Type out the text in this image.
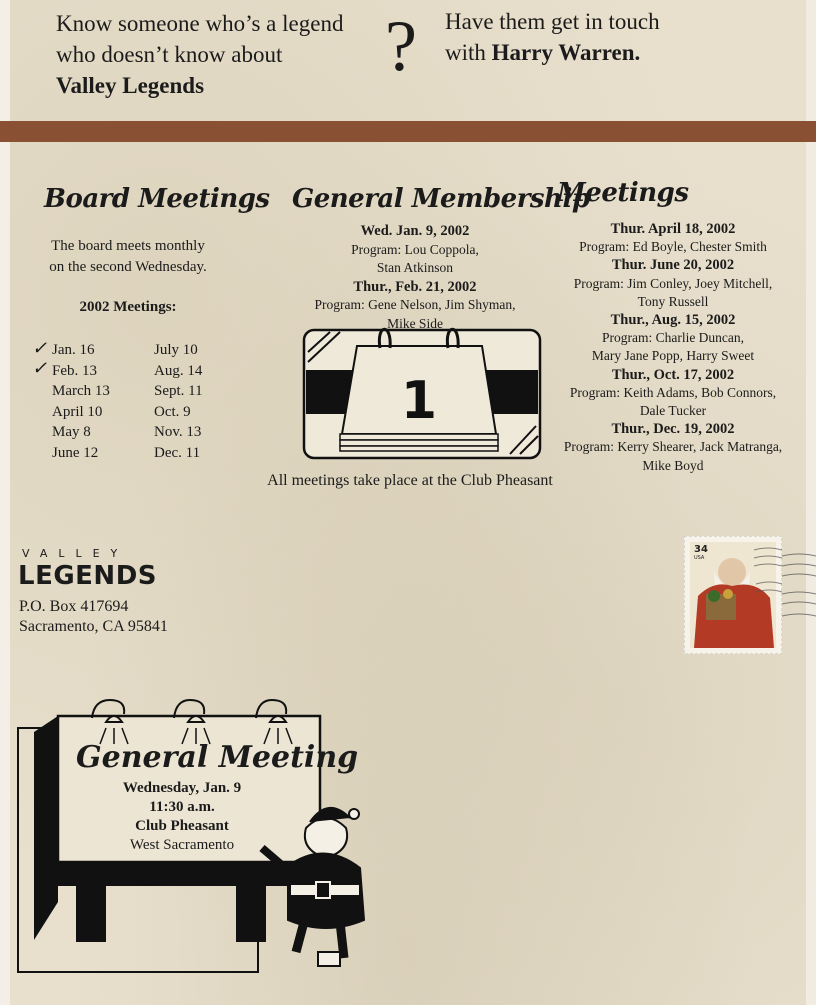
Know someone who’s a legend
who doesn’t know about
Valley Legends	? Have them get in touch
with Harry Warren.
Board Meetings
The board meets monthly
on the second Wednesday.
2002 Meetings:
✓
✓
Jan. 16
Feb. 13
March 13
April 10
May 8
June 12
July 10
Aug. 14
Sept. 11
Oct. 9
Nov. 13
Dec. 11
General Membership
Meetings
Wed. Jan. 9, 2002
Program: Lou Coppola,
Stan Atkinson
Thur., Feb. 21, 2002
Program: Gene Nelson, Jim Shyman,
Mike Side
Thur. April 18, 2002
Program: Ed Boyle, Chester Smith
Thur. June 20, 2002
Program: Jim Conley, Joey Mitchell,
Tony Russell
Thur., Aug. 15, 2002
Program: Charlie Duncan,
Mary Jane Popp, Harry Sweet
Thur., Oct. 17, 2002
Program: Keith Adams, Bob Connors,
Dale Tucker
Thur., Dec. 19, 2002
Program: Kerry Shearer, Jack Matranga,
Mike Boyd
1
All meetings take place at the Club Pheasant
VALLEY
LEGENDS
P.O. Box 417694
Sacramento, CA 95841
34
USA
General Meeting
Wednesday, Jan. 9
11:30 a.m.
Club Pheasant
West Sacramento
